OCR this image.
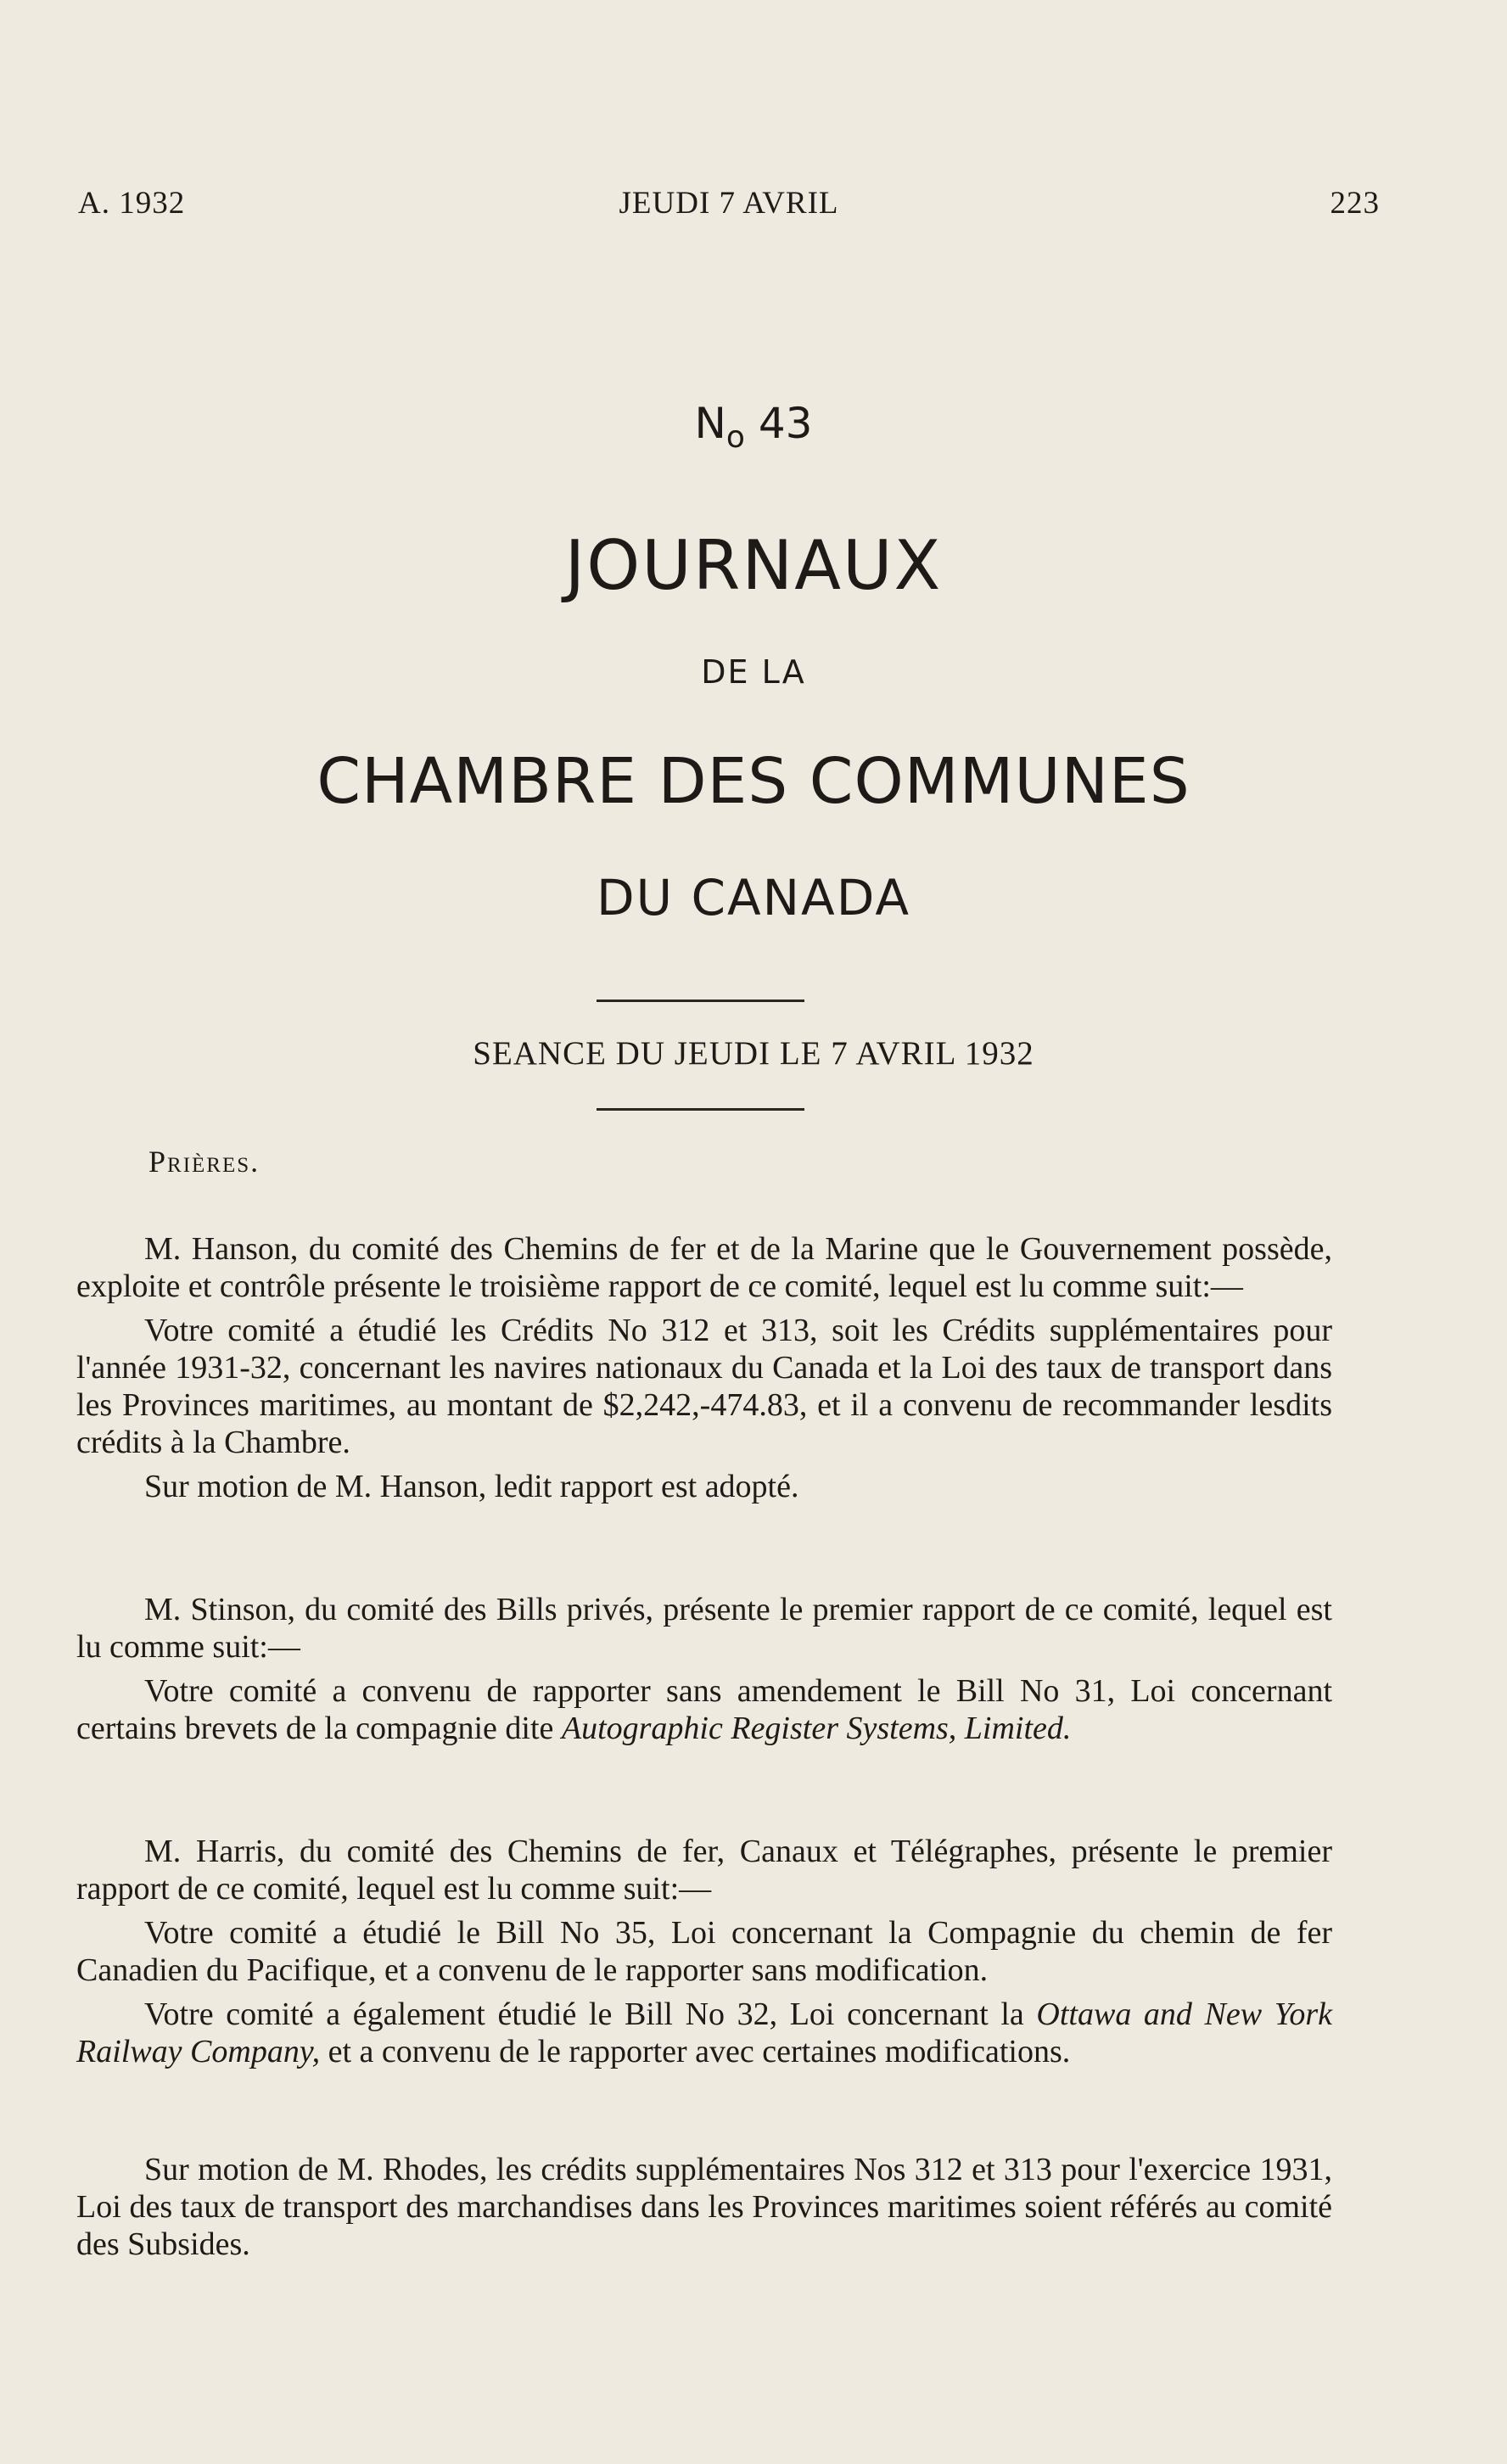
A. 1932	JEUDI 7 AVRIL	223
$N_o$ 43
JOURNAUX
DE LA
CHAMBRE DES COMMUNES
DU CANADA
SEANCE DU JEUDI LE 7 AVRIL 1932
Prières.

M. Hanson, du comité des Chemins de fer et de la Marine que le Gouvernement possède, exploite et contrôle présente le troisième rapport de ce comité, lequel est lu comme suit:—

Votre comité a étudié les Crédits No 312 et 313, soit les Crédits supplémentaires pour l'année 1931-32, concernant les navires nationaux du Canada et la Loi des taux de transport dans les Provinces maritimes, au montant de $2,242,-474.83, et il a convenu de recommander lesdits crédits à la Chambre.

Sur motion de M. Hanson, ledit rapport est adopté.

M. Stinson, du comité des Bills privés, présente le premier rapport de ce comité, lequel est lu comme suit:—

Votre comité a convenu de rapporter sans amendement le Bill No 31, Loi concernant certains brevets de la compagnie dite Autographic Register Systems, Limited.

M. Harris, du comité des Chemins de fer, Canaux et Télégraphes, présente le premier rapport de ce comité, lequel est lu comme suit:—

Votre comité a étudié le Bill No 35, Loi concernant la Compagnie du chemin de fer Canadien du Pacifique, et a convenu de le rapporter sans modification.

Votre comité a également étudié le Bill No 32, Loi concernant la Ottawa and New York Railway Company, et a convenu de le rapporter avec certaines modifications.

Sur motion de M. Rhodes, les crédits supplémentaires Nos 312 et 313 pour l'exercice 1931, Loi des taux de transport des marchandises dans les Provinces maritimes soient référés au comité des Subsides.
